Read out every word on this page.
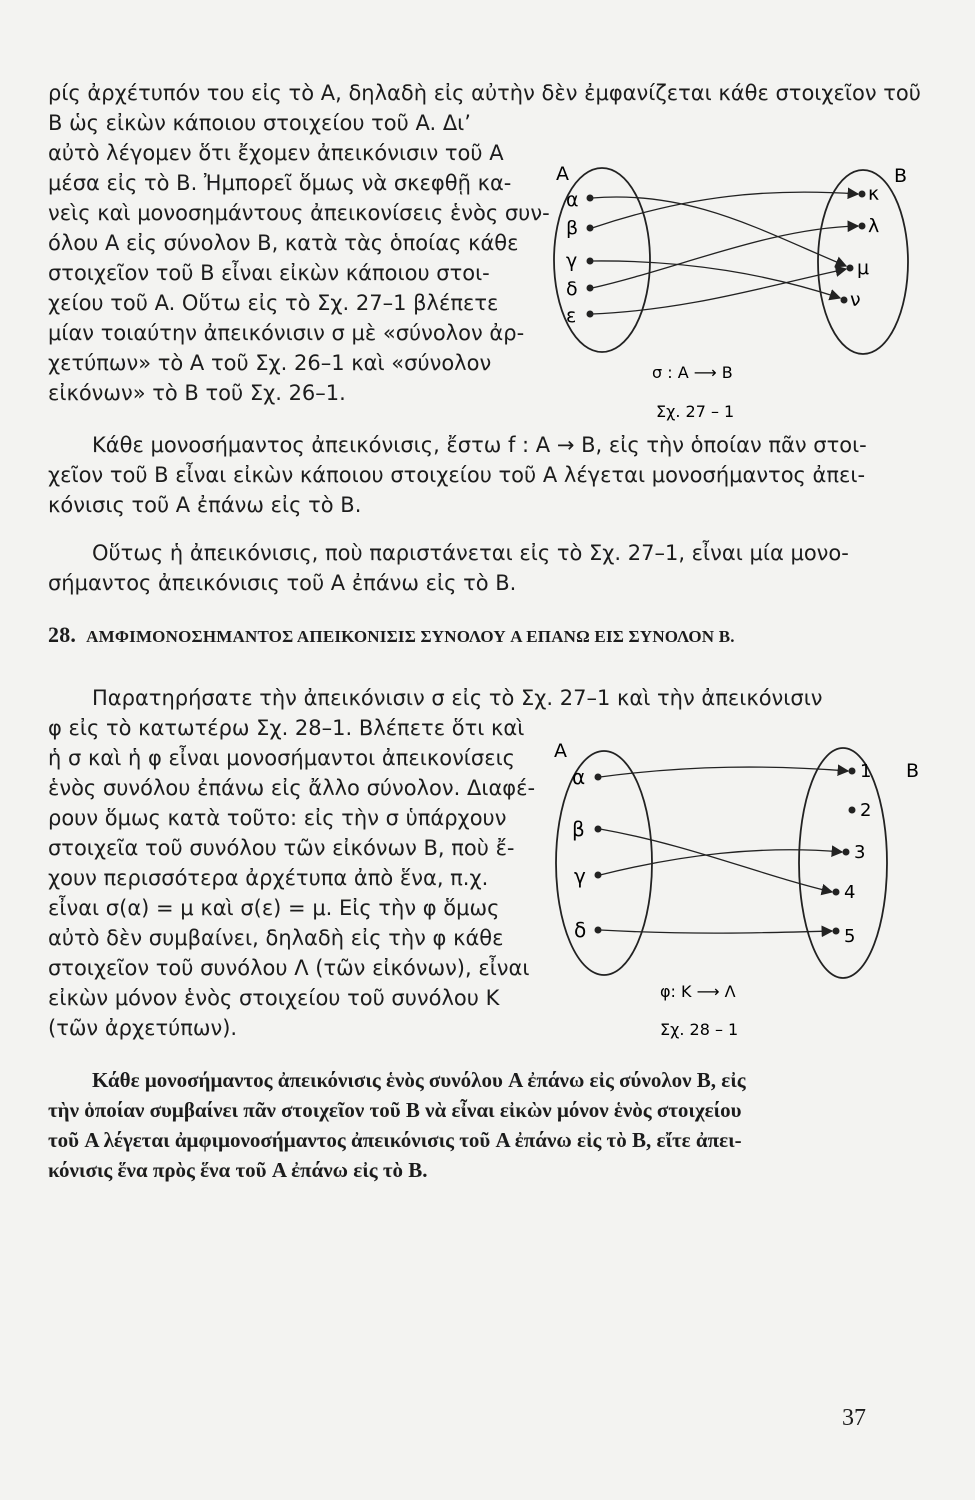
ρίς ἀρχέτυπόν του εἰς τὸ A, δηλαδὴ εἰς αὐτὴν δὲν ἐμφανίζεται κάθε στοιχεῖον τοῦ
B ὡς εἰκὼν κάποιου στοιχείου τοῦ A. Δι’
αὐτὸ λέγομεν ὅτι ἔχομεν ἀπεικόνισιν τοῦ A
μέσα εἰς τὸ B. Ἠμπορεῖ ὅμως νὰ σκεφθῇ κα-
νεὶς καὶ μονοσημάντους ἀπεικονίσεις ἑνὸς συν-
όλου A εἰς σύνολον B, κατὰ τὰς ὁποίας κάθε
στοιχεῖον τοῦ B εἶναι εἰκὼν κάποιου στοι-
χείου τοῦ A. Οὕτω εἰς τὸ Σχ. 27–1 βλέπετε
μίαν τοιαύτην ἀπεικόνισιν σ μὲ «σύνολον ἀρ-
χετύπων» τὸ A τοῦ Σχ. 26–1 καὶ «σύνολον
εἰκόνων» τὸ B τοῦ Σχ. 26–1.
A	B
α
β
γ
δ
ε
κ
λ
μ
ν
σ : A ⟶ B
Σχ. 27 – 1
Κάθε μονοσήμαντος ἀπεικόνισις, ἔστω f : A → B, εἰς τὴν ὁποίαν πᾶν στοι-
χεῖον τοῦ B εἶναι εἰκὼν κάποιου στοιχείου τοῦ A λέγεται μονοσήμαντος ἀπει-
κόνισις τοῦ A ἐπάνω εἰς τὸ B.
Οὕτως ἡ ἀπεικόνισις, ποὺ παριστάνεται εἰς τὸ Σχ. 27–1, εἶναι μία μονο-
σήμαντος ἀπεικόνισις τοῦ A ἐπάνω εἰς τὸ B.
28. ΑΜΦΙΜΟΝΟΣΗΜΑΝΤΟΣ ΑΠΕΙΚΟΝΙΣΙΣ ΣΥΝΟΛΟΥ A ΕΠΑΝΩ ΕΙΣ ΣΥΝΟΛΟΝ B.
Παρατηρήσατε τὴν ἀπεικόνισιν σ εἰς τὸ Σχ. 27–1 καὶ τὴν ἀπεικόνισιν
φ εἰς τὸ κατωτέρω Σχ. 28–1. Βλέπετε ὅτι καὶ
ἡ σ καὶ ἡ φ εἶναι μονοσήμαντοι ἀπεικονίσεις
ἑνὸς συνόλου ἐπάνω εἰς ἄλλο σύνολον. Διαφέ-
ρουν ὅμως κατὰ τοῦτο: εἰς τὴν σ ὑπάρχουν
στοιχεῖα τοῦ συνόλου τῶν εἰκόνων B, ποὺ ἔ-
χουν περισσότερα ἀρχέτυπα ἀπὸ ἕνα, π.χ.
εἶναι σ(α) = μ καὶ σ(ε) = μ. Εἰς τὴν φ ὅμως
αὐτὸ δὲν συμβαίνει, δηλαδὴ εἰς τὴν φ κάθε
στοιχεῖον τοῦ συνόλου Λ (τῶν εἰκόνων), εἶναι
εἰκὼν μόνον ἑνὸς στοιχείου τοῦ συνόλου K
(τῶν ἀρχετύπων).
A
B
α
β
γ
δ
1
2
3
4
5
φ: K ⟶ Λ
Σχ. 28 – 1
Κάθε μονοσήμαντος ἀπεικόνισις ἑνὸς συνόλου A ἐπάνω εἰς σύνολον B, εἰς
τὴν ὁποίαν συμβαίνει πᾶν στοιχεῖον τοῦ B νὰ εἶναι εἰκὼν μόνον ἑνὸς στοιχείου
τοῦ A λέγεται ἀμφιμονοσήμαντος ἀπεικόνισις τοῦ A ἐπάνω εἰς τὸ B, εἴτε ἀπει-
κόνισις ἕνα πρὸς ἕνα τοῦ A ἐπάνω εἰς τὸ B.
37
